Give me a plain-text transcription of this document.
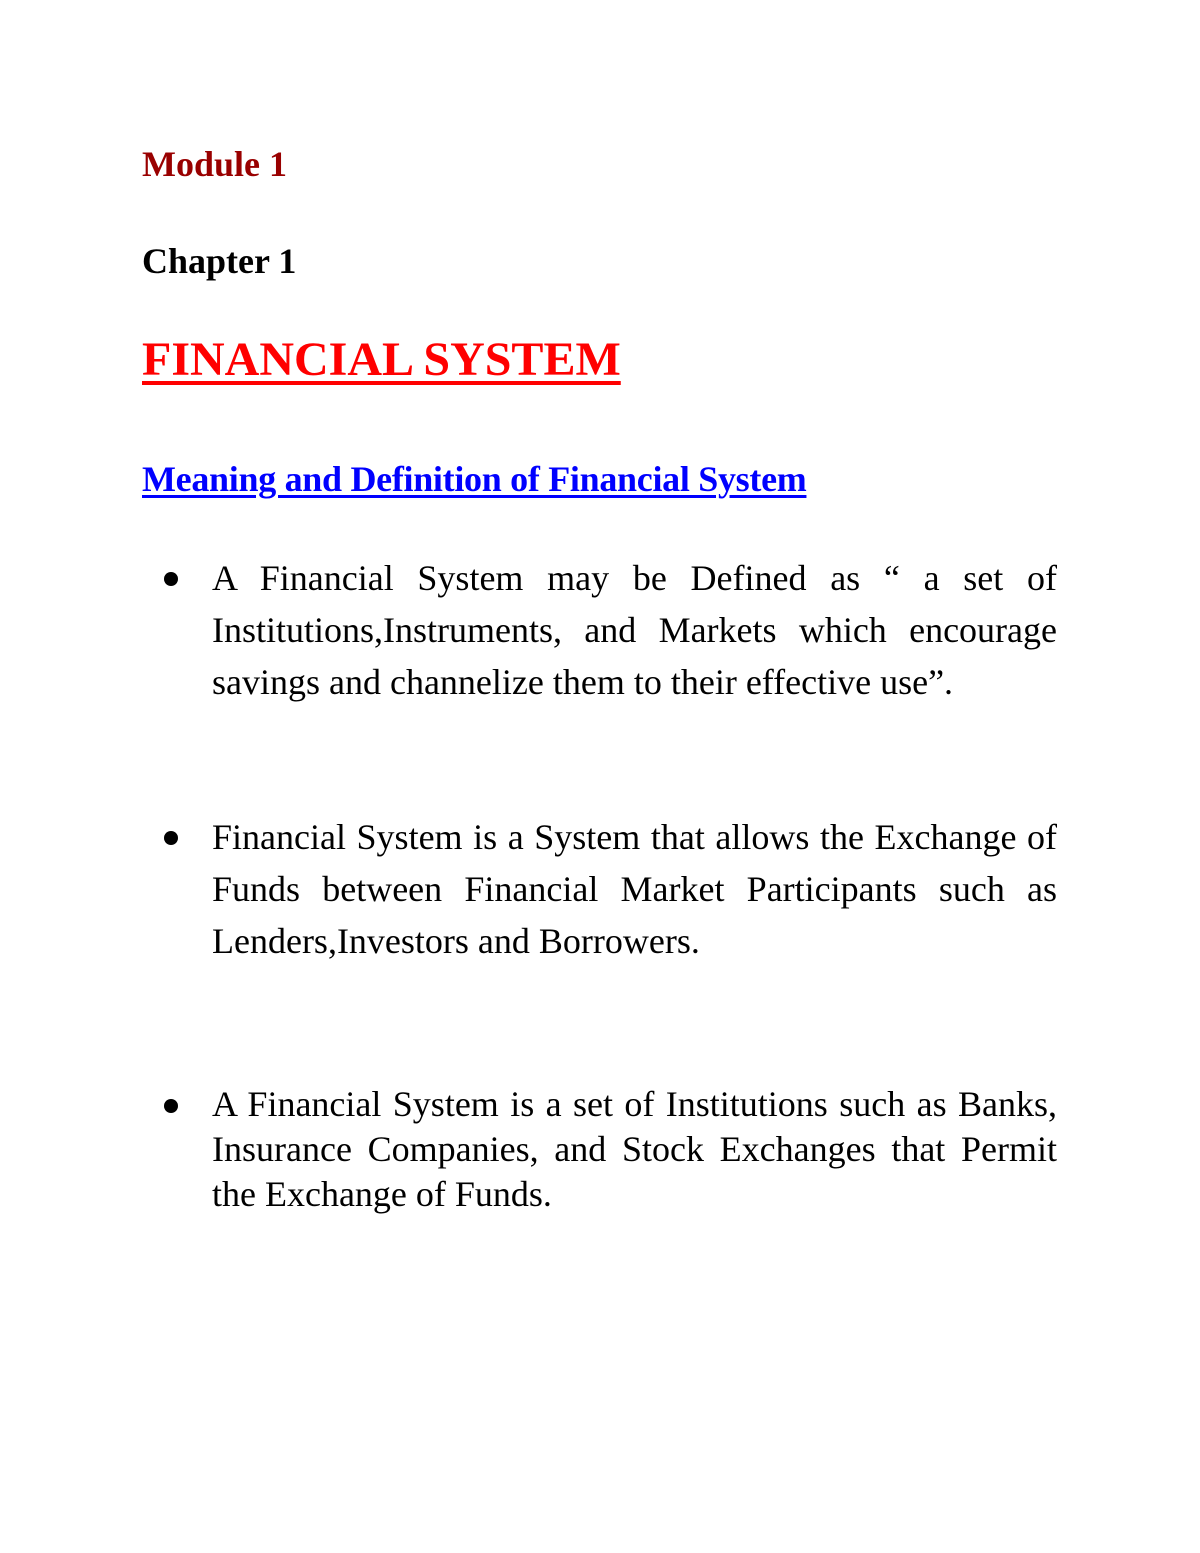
Module 1
Chapter 1
FINANCIAL SYSTEM
Meaning and Definition of Financial System

A Financial System may be Defined as “ a set of Institutions,Instruments, and Markets which encourage savings and channelize them to their effective use”.

Financial System is a System that allows the Exchange of Funds between Financial Market Participants such as Lenders,Investors and Borrowers.

A Financial System is a set of Institutions such as Banks, Insurance Companies, and Stock Exchanges that Permit the Exchange of Funds.
